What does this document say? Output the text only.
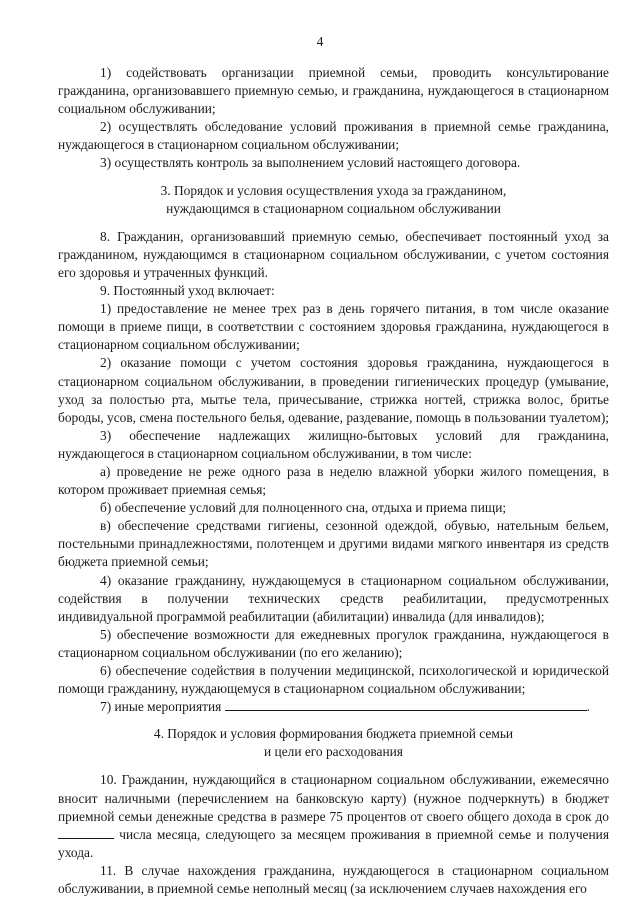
4

1) содействовать организации приемной семьи, проводить консультирование гражданина, организовавшего приемную семью, и гражданина, нуждающегося в стационарном социальном обслуживании;

2) осуществлять обследование условий проживания в приемной семье гражданина, нуждающегося в стационарном социальном обслуживании;

3) осуществлять контроль за выполнением условий настоящего договора.

3. Порядок и условия осуществления ухода за гражданином,
нуждающимся в стационарном социальном обслуживании

8. Гражданин, организовавший приемную семью, обеспечивает постоянный уход за гражданином, нуждающимся в стационарном социальном обслуживании, с учетом состояния его здоровья и утраченных функций.

9. Постоянный уход включает:

1) предоставление не менее трех раз в день горячего питания, в том числе оказание помощи в приеме пищи, в соответствии с состоянием здоровья гражданина, нуждающегося в стационарном социальном обслуживании;

2) оказание помощи с учетом состояния здоровья гражданина, нуждающегося в стационарном социальном обслуживании, в проведении гигиенических процедур (умывание, уход за полостью рта, мытье тела, причесывание, стрижка ногтей, стрижка волос, бритье бороды, усов, смена постельного белья, одевание, раздевание, помощь в пользовании туалетом);

3) обеспечение надлежащих жилищно-бытовых условий для гражданина, нуждающегося в стационарном социальном обслуживании, в том числе:

а) проведение не реже одного раза в неделю влажной уборки жилого помещения, в котором проживает приемная семья;

б) обеспечение условий для полноценного сна, отдыха и приема пищи;

в) обеспечение средствами гигиены, сезонной одеждой, обувью, нательным бельем, постельными принадлежностями, полотенцем и другими видами мягкого инвентаря из средств бюджета приемной семьи;

4) оказание гражданину, нуждающемуся в стационарном социальном обслуживании, содействия в получении технических средств реабилитации, предусмотренных индивидуальной программой реабилитации (абилитации) инвалида (для инвалидов);

5) обеспечение возможности для ежедневных прогулок гражданина, нуждающегося в стационарном социальном обслуживании (по его желанию);

6) обеспечение содействия в получении медицинской, психологической и юридической помощи гражданину, нуждающемуся в стационарном социальном обслуживании;

7) иные мероприятия	.

4. Порядок и условия формирования бюджета приемной семьи
и цели его расходования

10. Гражданин, нуждающийся в стационарном социальном обслуживании, ежемесячно вносит наличными (перечислением на банковскую карту) (нужное подчеркнуть) в бюджет приемной семьи денежные средства в размере 75 процентов от своего общего дохода в срок до  числа месяца, следующего за месяцем проживания в приемной семье и получения ухода.

11. В случае нахождения гражданина, нуждающегося в стационарном социальном обслуживании, в приемной семье неполный месяц (за исключением случаев нахождения его
